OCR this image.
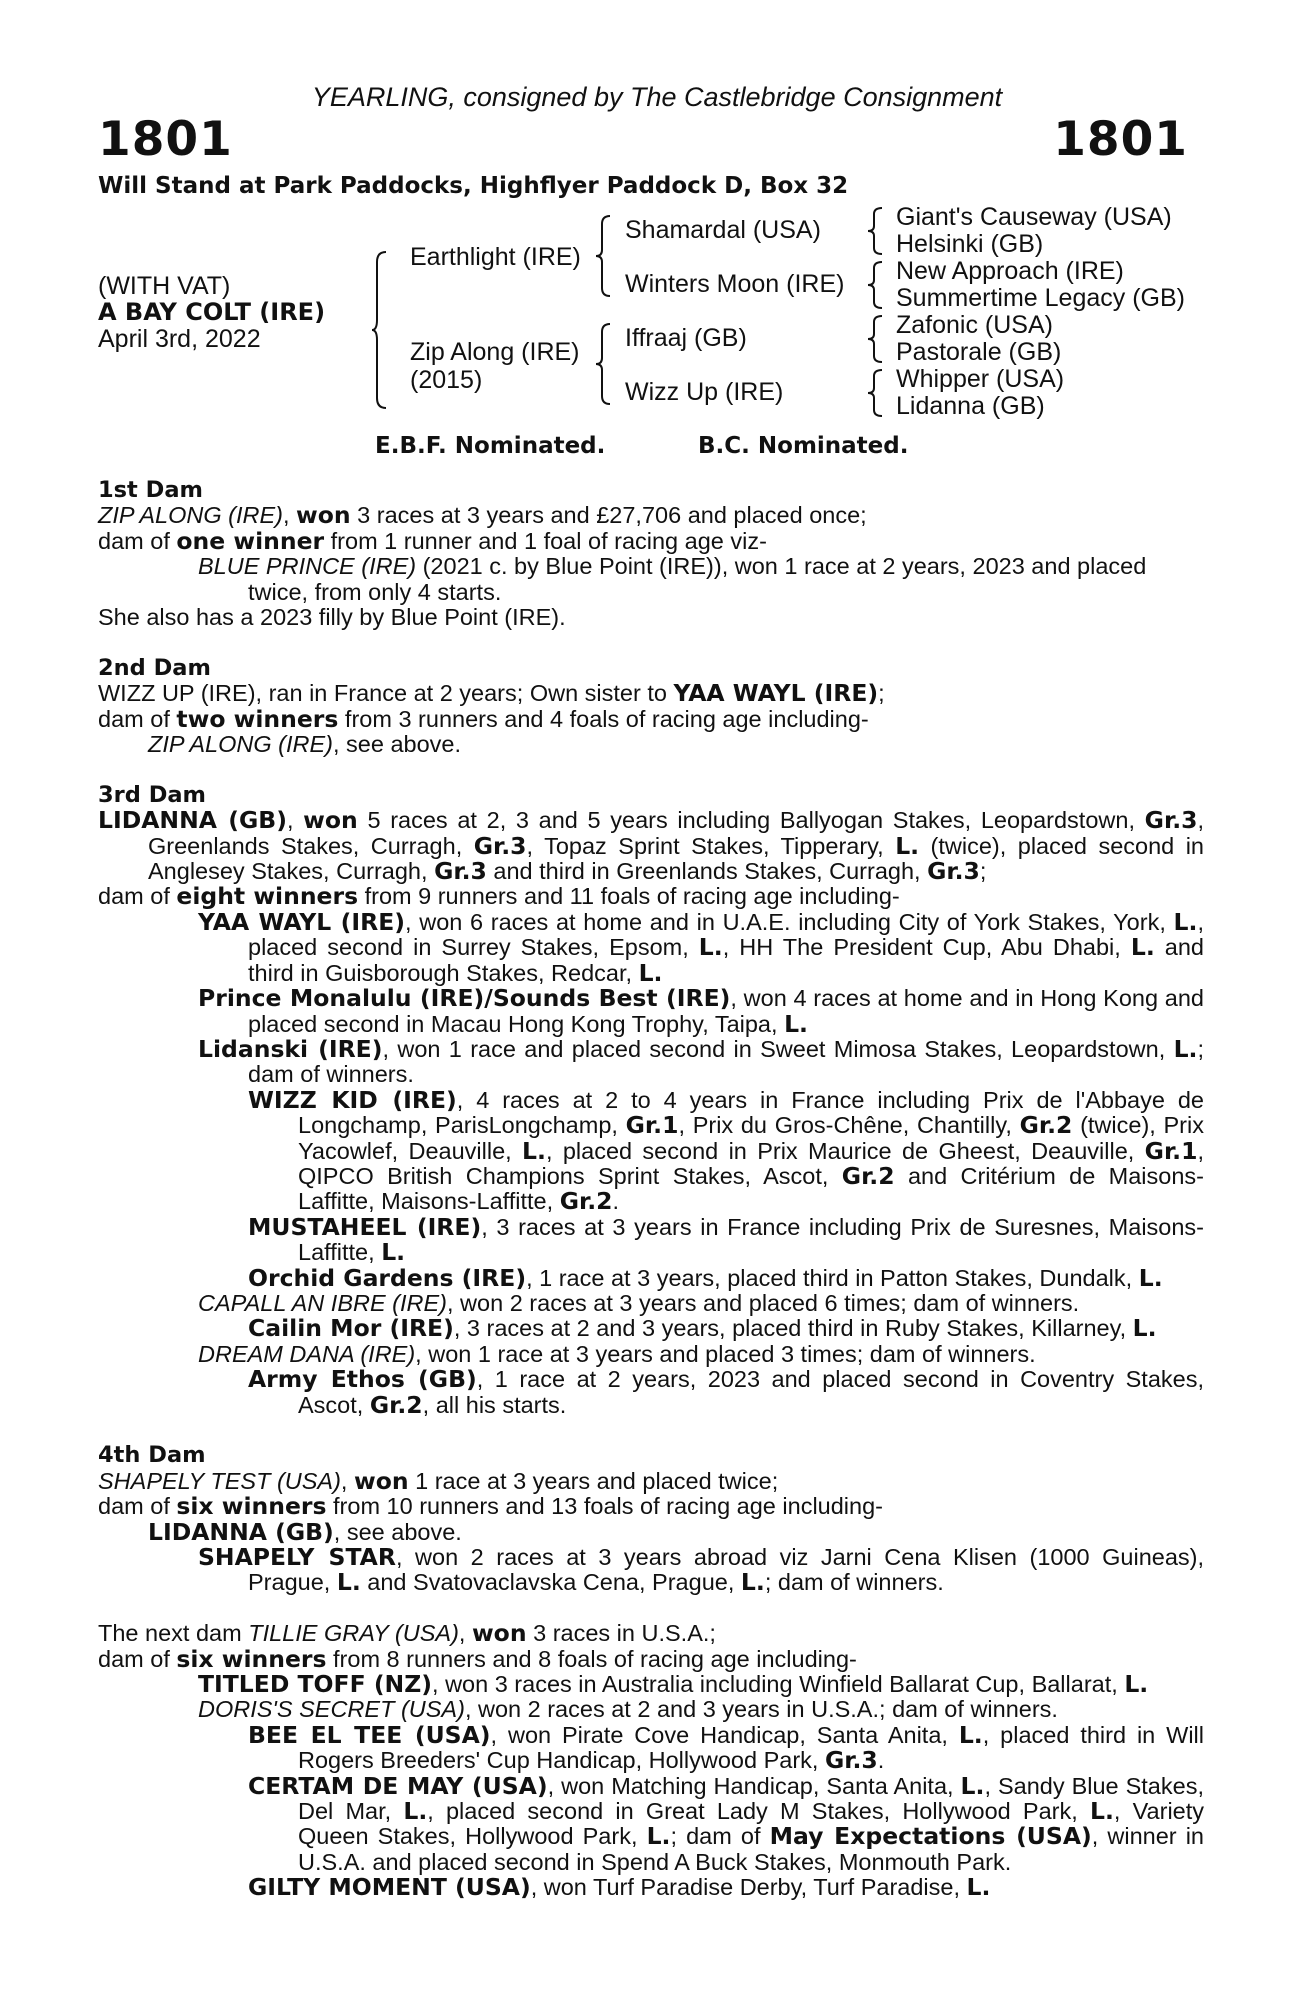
YEARLING, consigned by The Castlebridge Consignment
1801	1801
Will Stand at Park Paddocks, Highflyer Paddock D, Box 32
(WITH VAT)
A BAY COLT (IRE)
April 3rd, 2022
Earthlight (IRE)
Zip Along (IRE)
(2015)
Shamardal (USA)
Winters Moon (IRE)
Iffraaj (GB)
Wizz Up (IRE)
Giant's Causeway (USA)
Helsinki (GB)
New Approach (IRE)
Summertime Legacy (GB)
Zafonic (USA)
Pastorale (GB)
Whipper (USA)
Lidanna (GB)
E.B.F. Nominated.	B.C. Nominated.
1st Dam
ZIP ALONG (IRE), won 3 races at 3 years and £27,706 and placed once;
dam of one winner from 1 runner and 1 foal of racing age viz-
BLUE PRINCE (IRE) (2021 c. by Blue Point (IRE)), won 1 race at 2 years, 2023 and placed twice, from only 4 starts.
She also has a 2023 filly by Blue Point (IRE).
2nd Dam
WIZZ UP (IRE), ran in France at 2 years; Own sister to YAA WAYL (IRE);
dam of two winners from 3 runners and 4 foals of racing age including-
ZIP ALONG (IRE), see above.
3rd Dam
LIDANNA (GB), won 5 races at 2, 3 and 5 years including Ballyogan Stakes, Leopardstown, Gr.3, Greenlands Stakes, Curragh, Gr.3, Topaz Sprint Stakes, Tipperary, L. (twice), placed second in Anglesey Stakes, Curragh, Gr.3 and third in Greenlands Stakes, Curragh, Gr.3;
dam of eight winners from 9 runners and 11 foals of racing age including-
YAA WAYL (IRE), won 6 races at home and in U.A.E. including City of York Stakes, York, L., placed second in Surrey Stakes, Epsom, L., HH The President Cup, Abu Dhabi, L. and third in Guisborough Stakes, Redcar, L.
Prince Monalulu (IRE)/Sounds Best (IRE), won 4 races at home and in Hong Kong and placed second in Macau Hong Kong Trophy, Taipa, L.
Lidanski (IRE), won 1 race and placed second in Sweet Mimosa Stakes, Leopardstown, L.; dam of winners.
WIZZ KID (IRE), 4 races at 2 to 4 years in France including Prix de l'Abbaye de Longchamp, ParisLongchamp, Gr.1, Prix du Gros-Chêne, Chantilly, Gr.2 (twice), Prix Yacowlef, Deauville, L., placed second in Prix Maurice de Gheest, Deauville, Gr.1, QIPCO British Champions Sprint Stakes, Ascot, Gr.2 and Critérium de Maisons-Laffitte, Maisons-Laffitte, Gr.2.
MUSTAHEEL (IRE), 3 races at 3 years in France including Prix de Suresnes, Maisons-Laffitte, L.
Orchid Gardens (IRE), 1 race at 3 years, placed third in Patton Stakes, Dundalk, L.
CAPALL AN IBRE (IRE), won 2 races at 3 years and placed 6 times; dam of winners.
Cailin Mor (IRE), 3 races at 2 and 3 years, placed third in Ruby Stakes, Killarney, L.
DREAM DANA (IRE), won 1 race at 3 years and placed 3 times; dam of winners.
Army Ethos (GB), 1 race at 2 years, 2023 and placed second in Coventry Stakes, Ascot, Gr.2, all his starts.
4th Dam
SHAPELY TEST (USA), won 1 race at 3 years and placed twice;
dam of six winners from 10 runners and 13 foals of racing age including-
LIDANNA (GB), see above.
SHAPELY STAR, won 2 races at 3 years abroad viz Jarni Cena Klisen (1000 Guineas), Prague, L. and Svatovaclavska Cena, Prague, L.; dam of winners.
The next dam TILLIE GRAY (USA), won 3 races in U.S.A.;
dam of six winners from 8 runners and 8 foals of racing age including-
TITLED TOFF (NZ), won 3 races in Australia including Winfield Ballarat Cup, Ballarat, L.
DORIS'S SECRET (USA), won 2 races at 2 and 3 years in U.S.A.; dam of winners.
BEE EL TEE (USA), won Pirate Cove Handicap, Santa Anita, L., placed third in Will Rogers Breeders' Cup Handicap, Hollywood Park, Gr.3.
CERTAM DE MAY (USA), won Matching Handicap, Santa Anita, L., Sandy Blue Stakes, Del Mar, L., placed second in Great Lady M Stakes, Hollywood Park, L., Variety Queen Stakes, Hollywood Park, L.; dam of May Expectations (USA), winner in U.S.A. and placed second in Spend A Buck Stakes, Monmouth Park.
GILTY MOMENT (USA), won Turf Paradise Derby, Turf Paradise, L.
